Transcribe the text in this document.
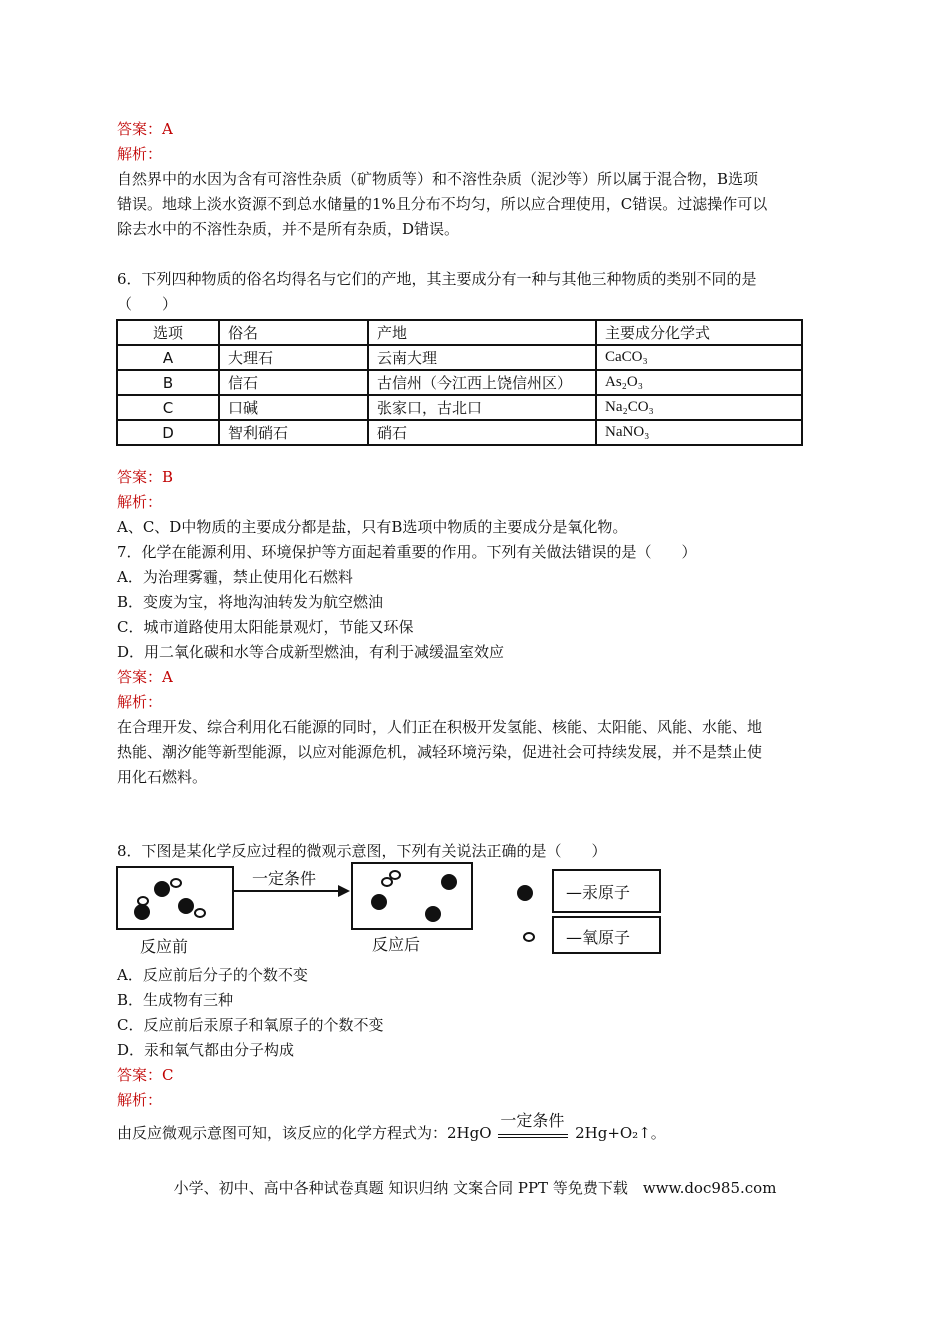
答案：A
解析：
自然界中的水因为含有可溶性杂质（矿物质等）和不溶性杂质（泥沙等）所以属于混合物，B选项
错误。地球上淡水资源不到总水储量的1%且分布不均匀，所以应合理使用，C错误。过滤操作可以
除去水中的不溶性杂质，并不是所有杂质，D错误。
6．下列四种物质的俗名均得名与它们的产地，其主要成分有一种与其他三种物质的类别不同的是
（　　）
选项	俗名	产地	主要成分化学式
A	大理石	云南大理	CaCO₃
B	信石	古信州（今江西上饶信州区）	As₂O₃
C	口碱	张家口，古北口	Na₂CO₃
D	智利硝石	硝石	NaNO₃
答案：B
解析：
A、C、D中物质的主要成分都是盐，只有B选项中物质的主要成分是氧化物。
7．化学在能源利用、环境保护等方面起着重要的作用。下列有关做法错误的是（　　）
A．为治理雾霾，禁止使用化石燃料
B．变废为宝，将地沟油转发为航空燃油
C．城市道路使用太阳能景观灯，节能又环保
D．用二氧化碳和水等合成新型燃油，有利于减缓温室效应
答案：A
解析：
在合理开发、综合利用化石能源的同时，人们正在积极开发氢能、核能、太阳能、风能、水能、地
热能、潮汐能等新型能源，以应对能源危机，减轻环境污染，促进社会可持续发展，并不是禁止使
用化石燃料。
8．下图是某化学反应过程的微观示意图，下列有关说法正确的是（　　）
一定条件
反应前	反应后
—汞原子
—氧原子
A．反应前后分子的个数不变
B．生成物有三种
C．反应前后汞原子和氧原子的个数不变
D．汞和氧气都由分子构成
答案：C
解析：
由反应微观示意图可知，该反应的化学方程式为：2HgO
一定条件
2Hg+O₂↑。
小学、初中、高中各种试卷真题 知识归纳 文案合同 PPT 等免费下载　www.doc985.com
